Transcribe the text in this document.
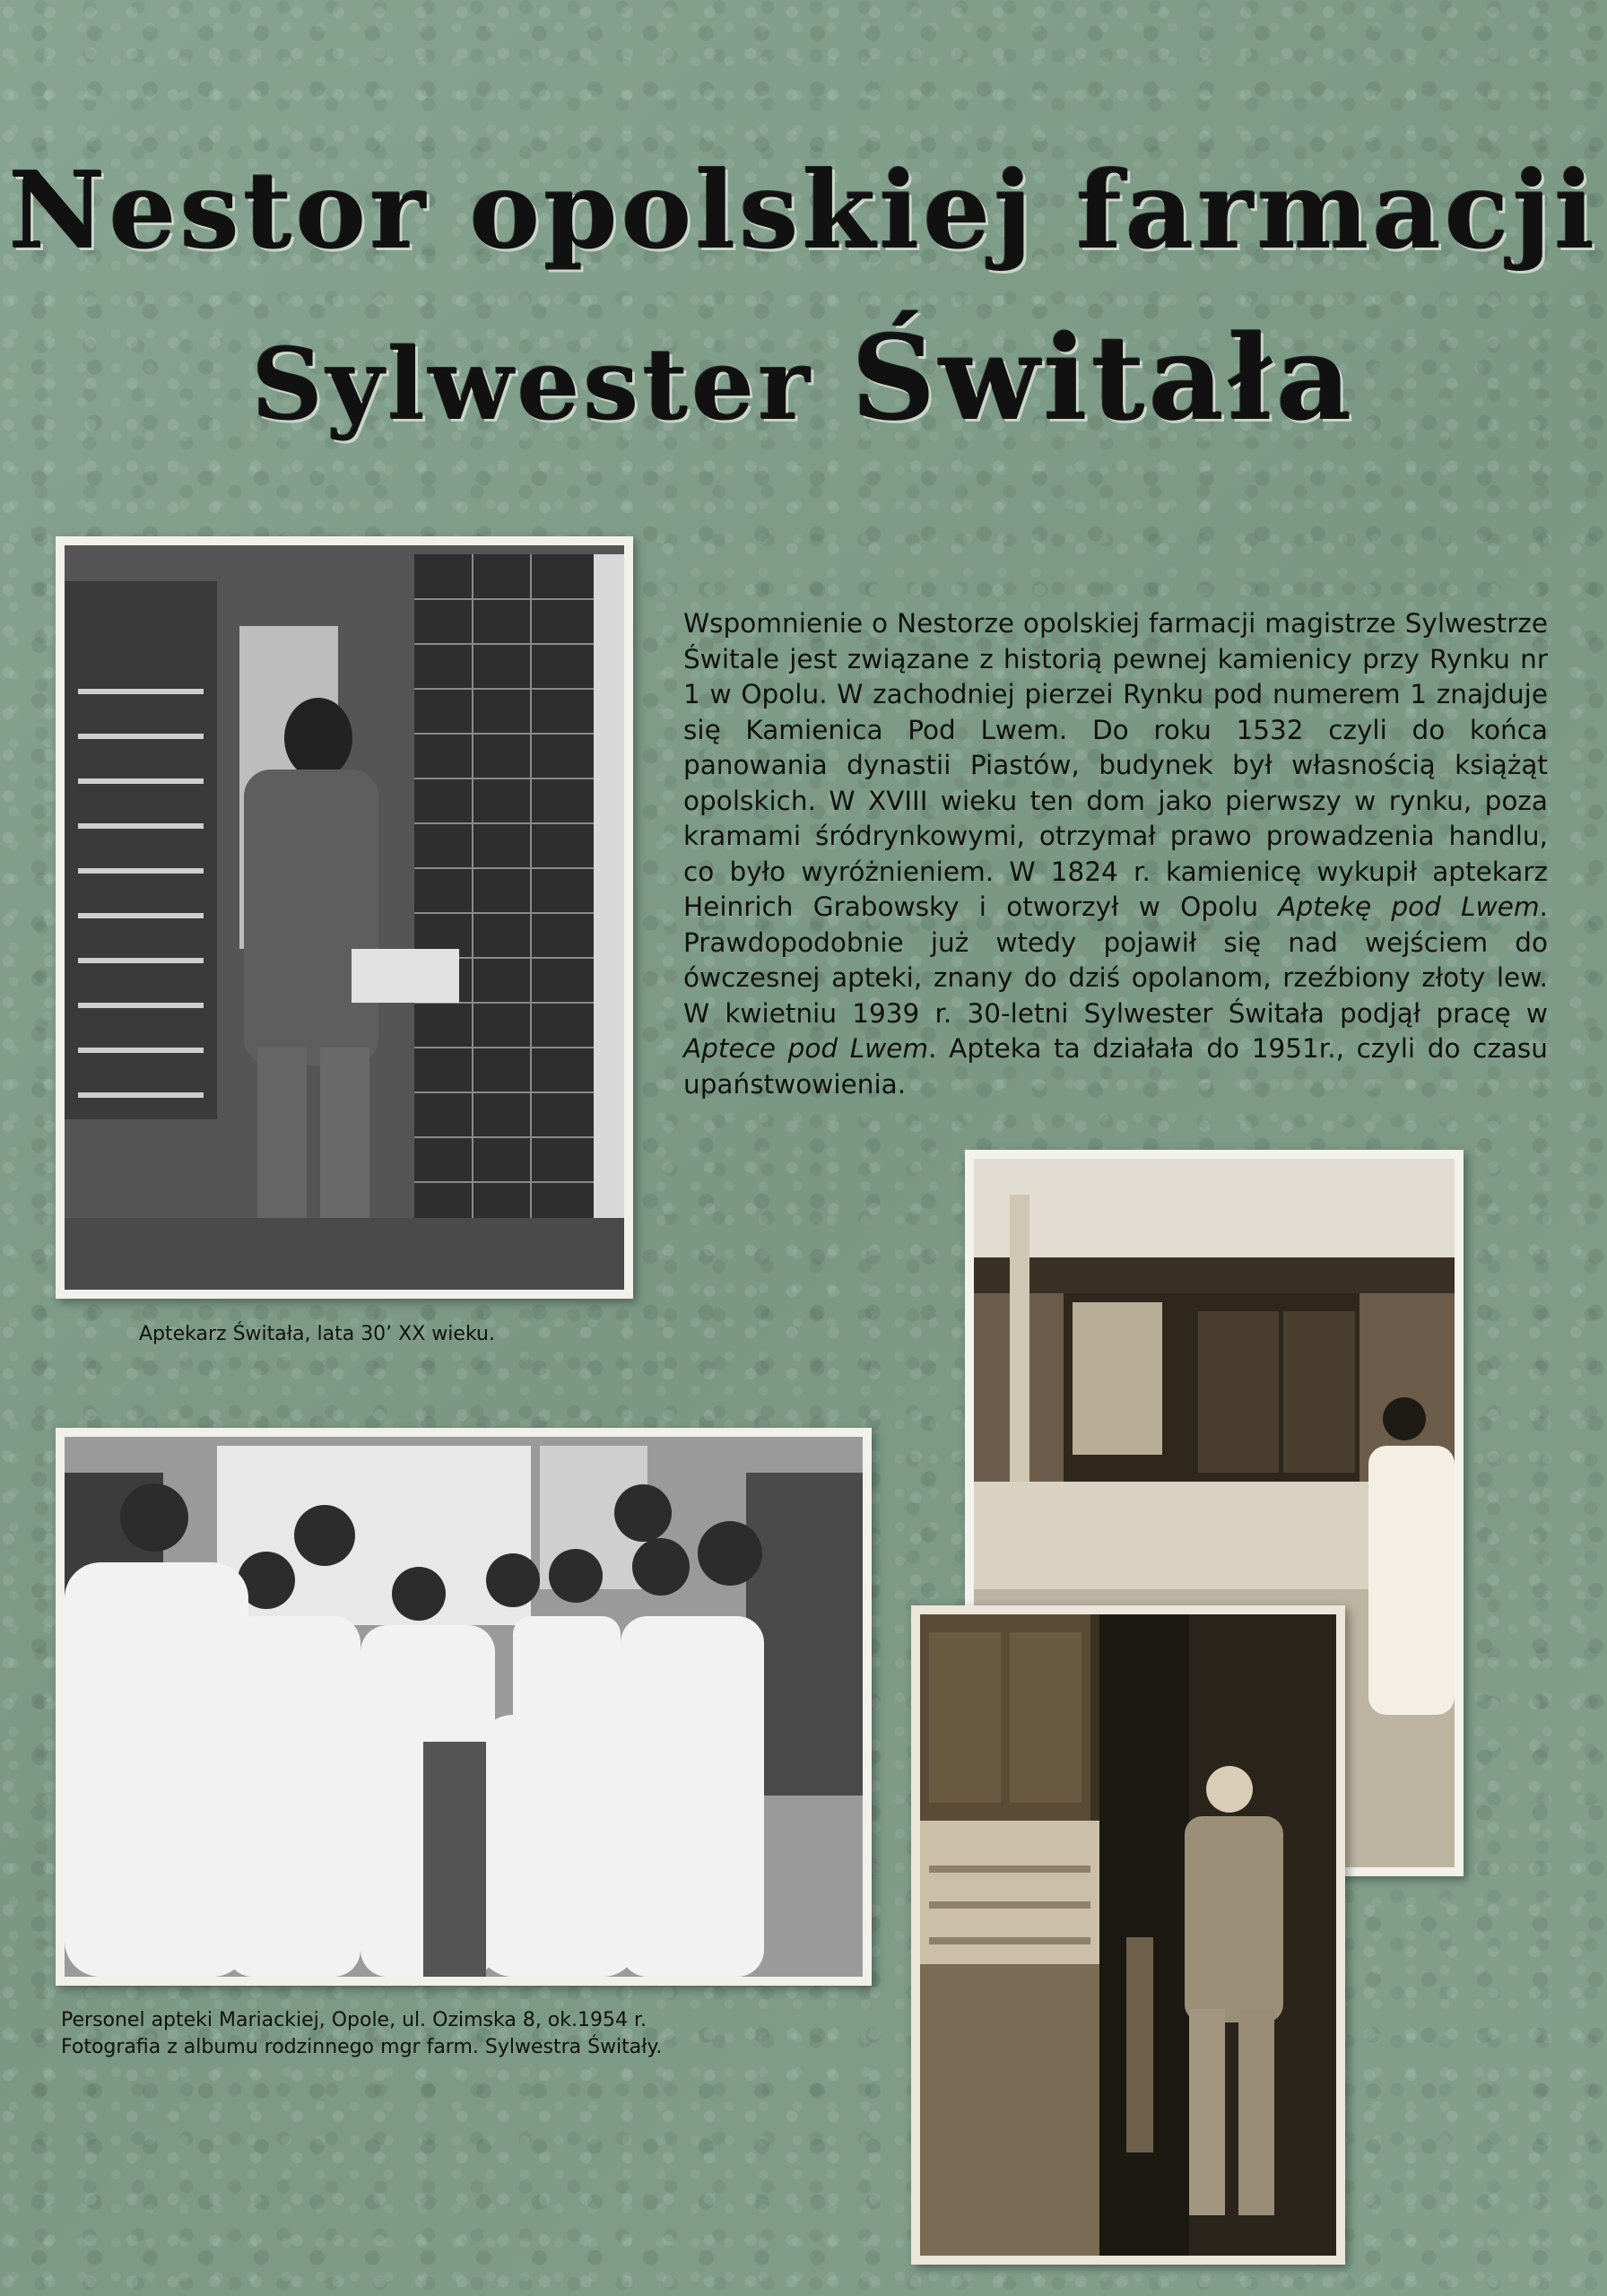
Nestor opolskiej farmacji
Sylwester Świtała
Wspomnienie o Nestorze opolskiej farmacji magistrze Sylwestrze Świtale jest związane z historią pewnej kamienicy przy Rynku nr 1 w Opolu. W zachodniej pierzei Rynku pod numerem 1 znajduje się Kamienica Pod Lwem. Do roku 1532 czyli do końca panowania dynastii Piastów, budynek był własnością książąt opolskich. W XVIII wieku ten dom jako pierwszy w rynku, poza kramami śródrynkowymi, otrzymał prawo prowadzenia handlu, co było wyróżnieniem. W 1824 r. kamienicę wykupił aptekarz Heinrich Grabowsky i otworzył w Opolu Aptekę pod Lwem. Prawdopodobnie już wtedy pojawił się nad wejściem do ówczesnej apteki, znany do dziś opolanom, rzeźbiony złoty lew. W kwietniu 1939 r. 30-letni Sylwester Świtała podjął pracę w Aptece pod Lwem. Apteka ta działała do 1951r., czyli do czasu upaństwowienia.
Aptekarz Świtała, lata 30’ XX wieku.
Personel apteki Mariackiej, Opole, ul. Ozimska 8, ok.1954 r.
Fotografia z albumu rodzinnego mgr farm. Sylwestra Świtały.
